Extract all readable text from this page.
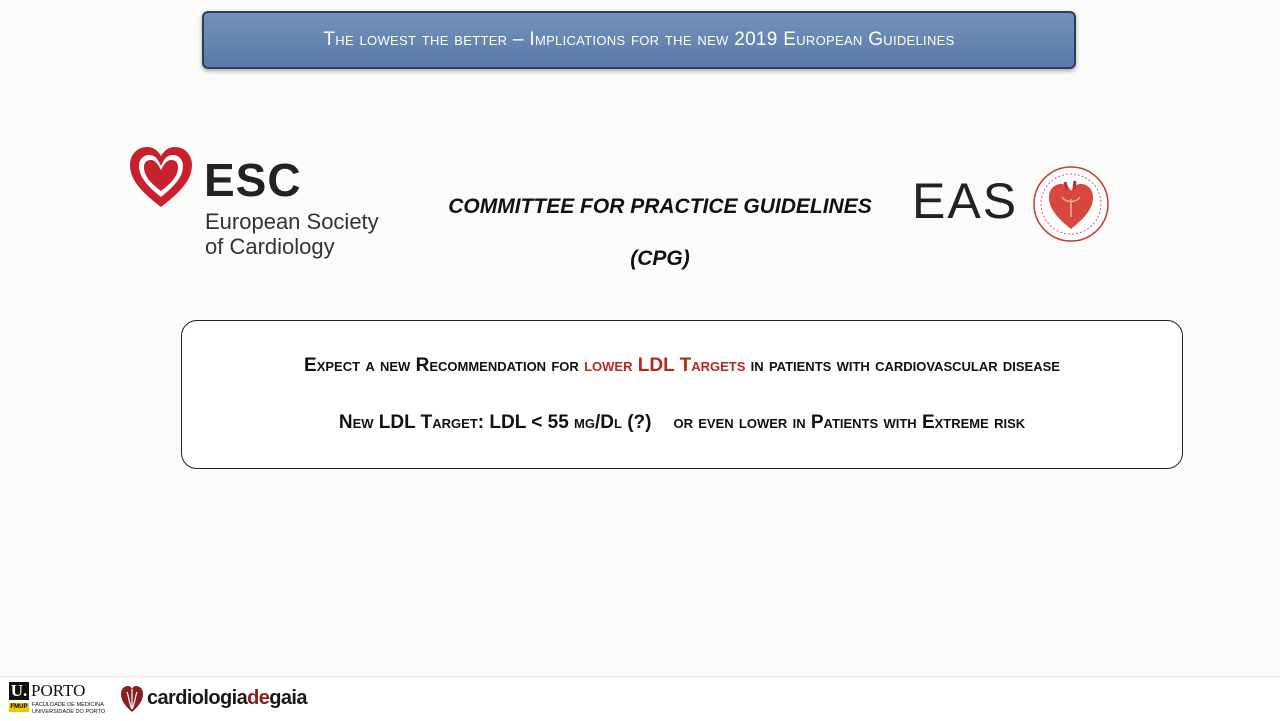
The lowest the better – Implications for the new 2019 European Guidelines
ESC
European Society
of Cardiology
COMMITTEE FOR PRACTICE GUIDELINES
(CPG)
EAS
Expect a new Recommendation for lower LDL Targets in patients with cardiovascular disease
New LDL Target: LDL < 55 mg/Dl (?) or even lower in Patients with Extreme risk
U. PORTO
FMUP FACULDADE DE MEDICINA
UNIVERSIDADE DO PORTO
cardiologiadegaia
